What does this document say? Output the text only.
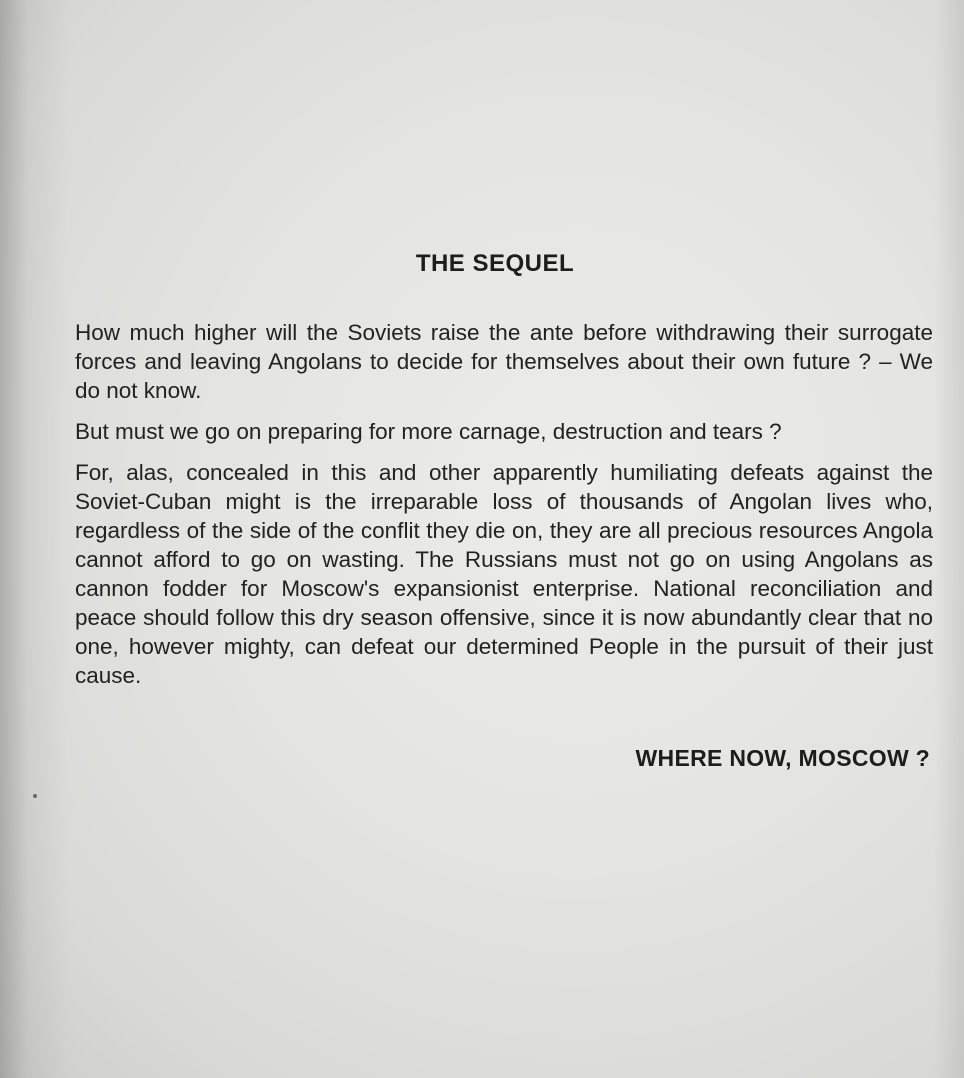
THE SEQUEL

How much higher will the Soviets raise the ante before withdrawing their surrogate forces and leaving Angolans to decide for themselves about their own future ? – We do not know.

But must we go on preparing for more carnage, destruction and tears ?

For, alas, concealed in this and other apparently humiliating defeats against the Soviet-Cuban might is the irreparable loss of thousands of Angolan lives who, regardless of the side of the conflit they die on, they are all precious resources Angola cannot afford to go on wasting. The Russians must not go on using Angolans as cannon fodder for Moscow's expansionist enterprise. National reconciliation and peace should follow this dry season offensive, since it is now abundantly clear that no one, however mighty, can defeat our determined People in the pursuit of their just cause.

WHERE NOW, MOSCOW ?
